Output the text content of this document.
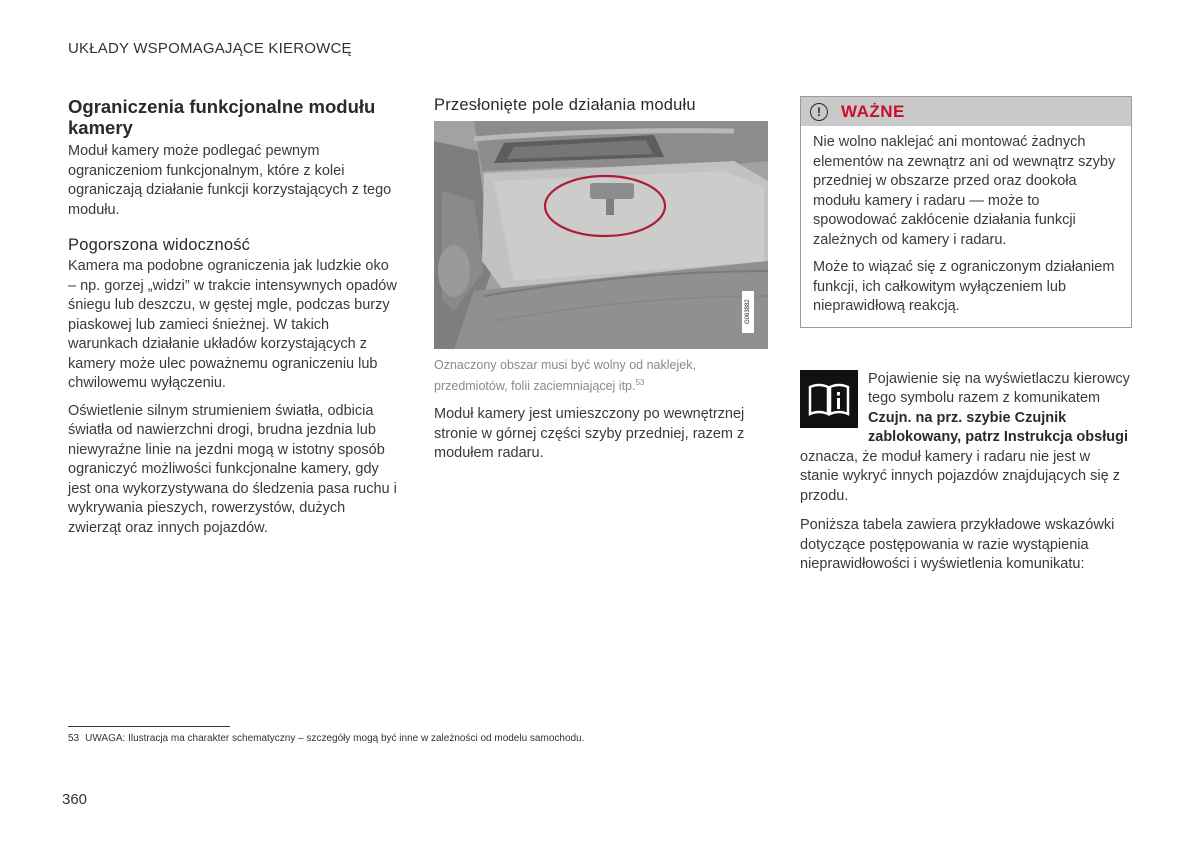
UKŁADY WSPOMAGAJĄCE KIEROWCĘ
Ograniczenia funkcjonalne modułu kamery

Moduł kamery może podlegać pewnym ograniczeniom funkcjonalnym, które z kolei ograniczają działanie funkcji korzystających z tego modułu.

Pogorszona widoczność

Kamera ma podobne ograniczenia jak ludzkie oko – np. gorzej „widzi” w trakcie intensywnych opadów śniegu lub deszczu, w gęstej mgle, podczas burzy piaskowej lub zamieci śnieżnej. W takich warunkach działanie układów korzystających z kamery może ulec poważnemu ograniczeniu lub chwilowemu wyłączeniu.

Oświetlenie silnym strumieniem światła, odbicia światła od nawierzchni drogi, brudna jezdnia lub niewyraźne linie na jezdni mogą w istotny sposób ograniczyć możliwości funkcjonalne kamery, gdy jest ona wykorzystywana do śledzenia pasa ruchu i wykrywania pieszych, rowerzystów, dużych zwierząt oraz innych pojazdów.

Przesłonięte pole działania modułu
G063882

Oznaczony obszar musi być wolny od naklejek, przedmiotów, folii zaciemniającej itp.$^{53}$

Moduł kamery jest umieszczony po wewnętrznej stronie w górnej części szyby przedniej, razem z modułem radaru.

!	WAŻNE

Nie wolno naklejać ani montować żadnych elementów na zewnątrz ani od wewnątrz szyby przedniej w obszarze przed oraz dookoła modułu kamery i radaru — może to spowodować zakłócenie działania funkcji zależnych od kamery i radaru.

Może to wiązać się z ograniczonym działaniem funkcji, ich całkowitym wyłączeniem lub nieprawidłową reakcją.

Pojawienie się na wyświetlaczu kierowcy tego symbolu razem z komunikatem Czujn. na prz. szybie Czujnik zablokowany, patrz Instrukcja obsługi oznacza, że moduł kamery i radaru nie jest w stanie wykryć innych pojazdów znajdujących się z przodu.

Poniższa tabela zawiera przykładowe wskazówki dotyczące postępowania w razie wystąpienia nieprawidłowości i wyświetlenia komunikatu:

53 UWAGA: Ilustracja ma charakter schematyczny – szczegóły mogą być inne w zależności od modelu samochodu.
360
